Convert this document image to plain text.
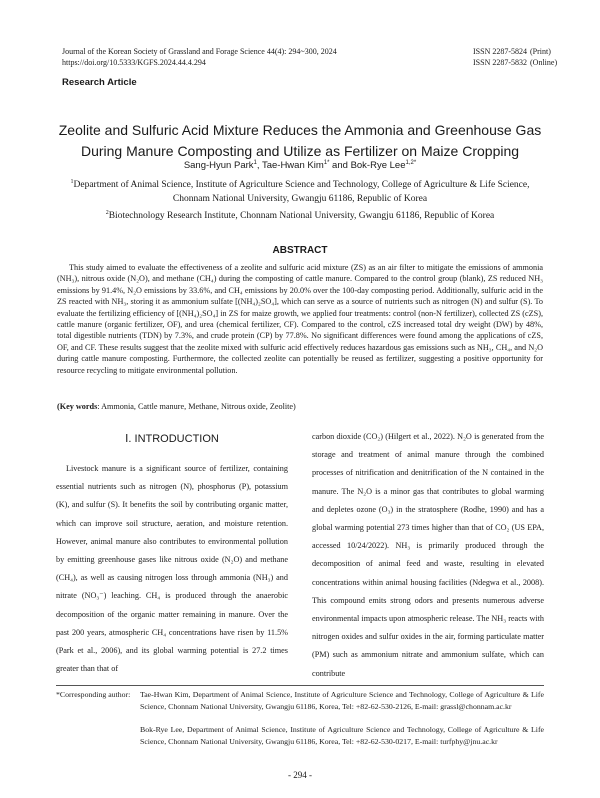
Journal of the Korean Society of Grassland and Forage Science 44(4): 294~300, 2024
https://doi.org/10.5333/KGFS.2024.44.4.294
ISSN 2287-5824 (Print)
ISSN 2287-5832 (Online)
Research Article
Zeolite and Sulfuric Acid Mixture Reduces the Ammonia and Greenhouse Gas
During Manure Composting and Utilize as Fertilizer on Maize Cropping
Sang-Hyun Park$^1$, Tae-Hwan Kim$^{1*}$ and Bok-Rye Lee$^{1,2*}$
$^1$Department of Animal Science, Institute of Agriculture Science and Technology, College of Agriculture & Life Science,
Chonnam National University, Gwangju 61186, Republic of Korea
$^2$Biotechnology Research Institute, Chonnam National University, Gwangju 61186, Republic of Korea
ABSTRACT

This study aimed to evaluate the effectiveness of a zeolite and sulfuric acid mixture (ZS) as an air filter to mitigate the emissions of ammonia (NH₃), nitrous oxide (N₂O), and methane (CH₄) during the composting of cattle manure. Compared to the control group (blank), ZS reduced NH₃ emissions by 91.4%, N₂O emissions by 33.6%, and CH₄ emissions by 20.0% over the 100-day composting period. Additionally, sulfuric acid in the ZS reacted with NH₃, storing it as ammonium sulfate [(NH₄)₂SO₄], which can serve as a source of nutrients such as nitrogen (N) and sulfur (S). To evaluate the fertilizing efficiency of [(NH₄)₂SO₄] in ZS for maize growth, we applied four treatments: control (non-N fertilizer), collected ZS (cZS), cattle manure (organic fertilizer, OF), and urea (chemical fertilizer, CF). Compared to the control, cZS increased total dry weight (DW) by 48%, total digestible nutrients (TDN) by 7.3%, and crude protein (CP) by 77.8%. No significant differences were found among the applications of cZS, OF, and CF. These results suggest that the zeolite mixed with sulfuric acid effectively reduces hazardous gas emissions such as NH₃, CH₄, and N₂O during cattle manure composting. Furthermore, the collected zeolite can potentially be reused as fertilizer, suggesting a positive opportunity for resource recycling to mitigate environmental pollution.

(Key words: Ammonia, Cattle manure, Methane, Nitrous oxide, Zeolite)
Ⅰ. INTRODUCTION

Livestock manure is a significant source of fertilizer, containing essential nutrients such as nitrogen (N), phosphorus (P), potassium (K), and sulfur (S). It benefits the soil by contributing organic matter, which can improve soil structure, aeration, and moisture retention. However, animal manure also contributes to environmental pollution by emitting greenhouse gases like nitrous oxide (N₂O) and methane (CH₄), as well as causing nitrogen loss through ammonia (NH₃) and nitrate (NO₃⁻) leaching. CH₄ is produced through the anaerobic decomposition of the organic matter remaining in manure. Over the past 200 years, atmospheric CH₄ concentrations have risen by 11.5% (Park et al., 2006), and its global warming potential is 27.2 times greater than that of

carbon dioxide (CO₂) (Hilgert et al., 2022). N₂O is generated from the storage and treatment of animal manure through the combined processes of nitrification and denitrification of the N contained in the manure. The N₂O is a minor gas that contributes to global warming and depletes ozone (O₃) in the stratosphere (Rodhe, 1990) and has a global warming potential 273 times higher than that of CO₂ (US EPA, accessed 10/24/2022). NH₃ is primarily produced through the decomposition of animal feed and waste, resulting in elevated concentrations within animal housing facilities (Ndegwa et al., 2008). This compound emits strong odors and presents numerous adverse environmental impacts upon atmospheric release. The NH₃ reacts with nitrogen oxides and sulfur oxides in the air, forming particulate matter (PM) such as ammonium nitrate and ammonium sulfate, which can contribute

*Corresponding author: Tae-Hwan Kim, Department of Animal Science, Institute of Agriculture Science and Technology, College of Agriculture & Life Science, Chonnam National University, Gwangju 61186, Korea, Tel: +82-62-530-2126, E-mail: grassl@chonnam.ac.kr
Bok-Rye Lee, Department of Animal Science, Institute of Agriculture Science and Technology, College of Agriculture & Life Science, Chonnam National University, Gwangju 61186, Korea, Tel: +82-62-530-0217, E-mail: turfphy@jnu.ac.kr
- 294 -
